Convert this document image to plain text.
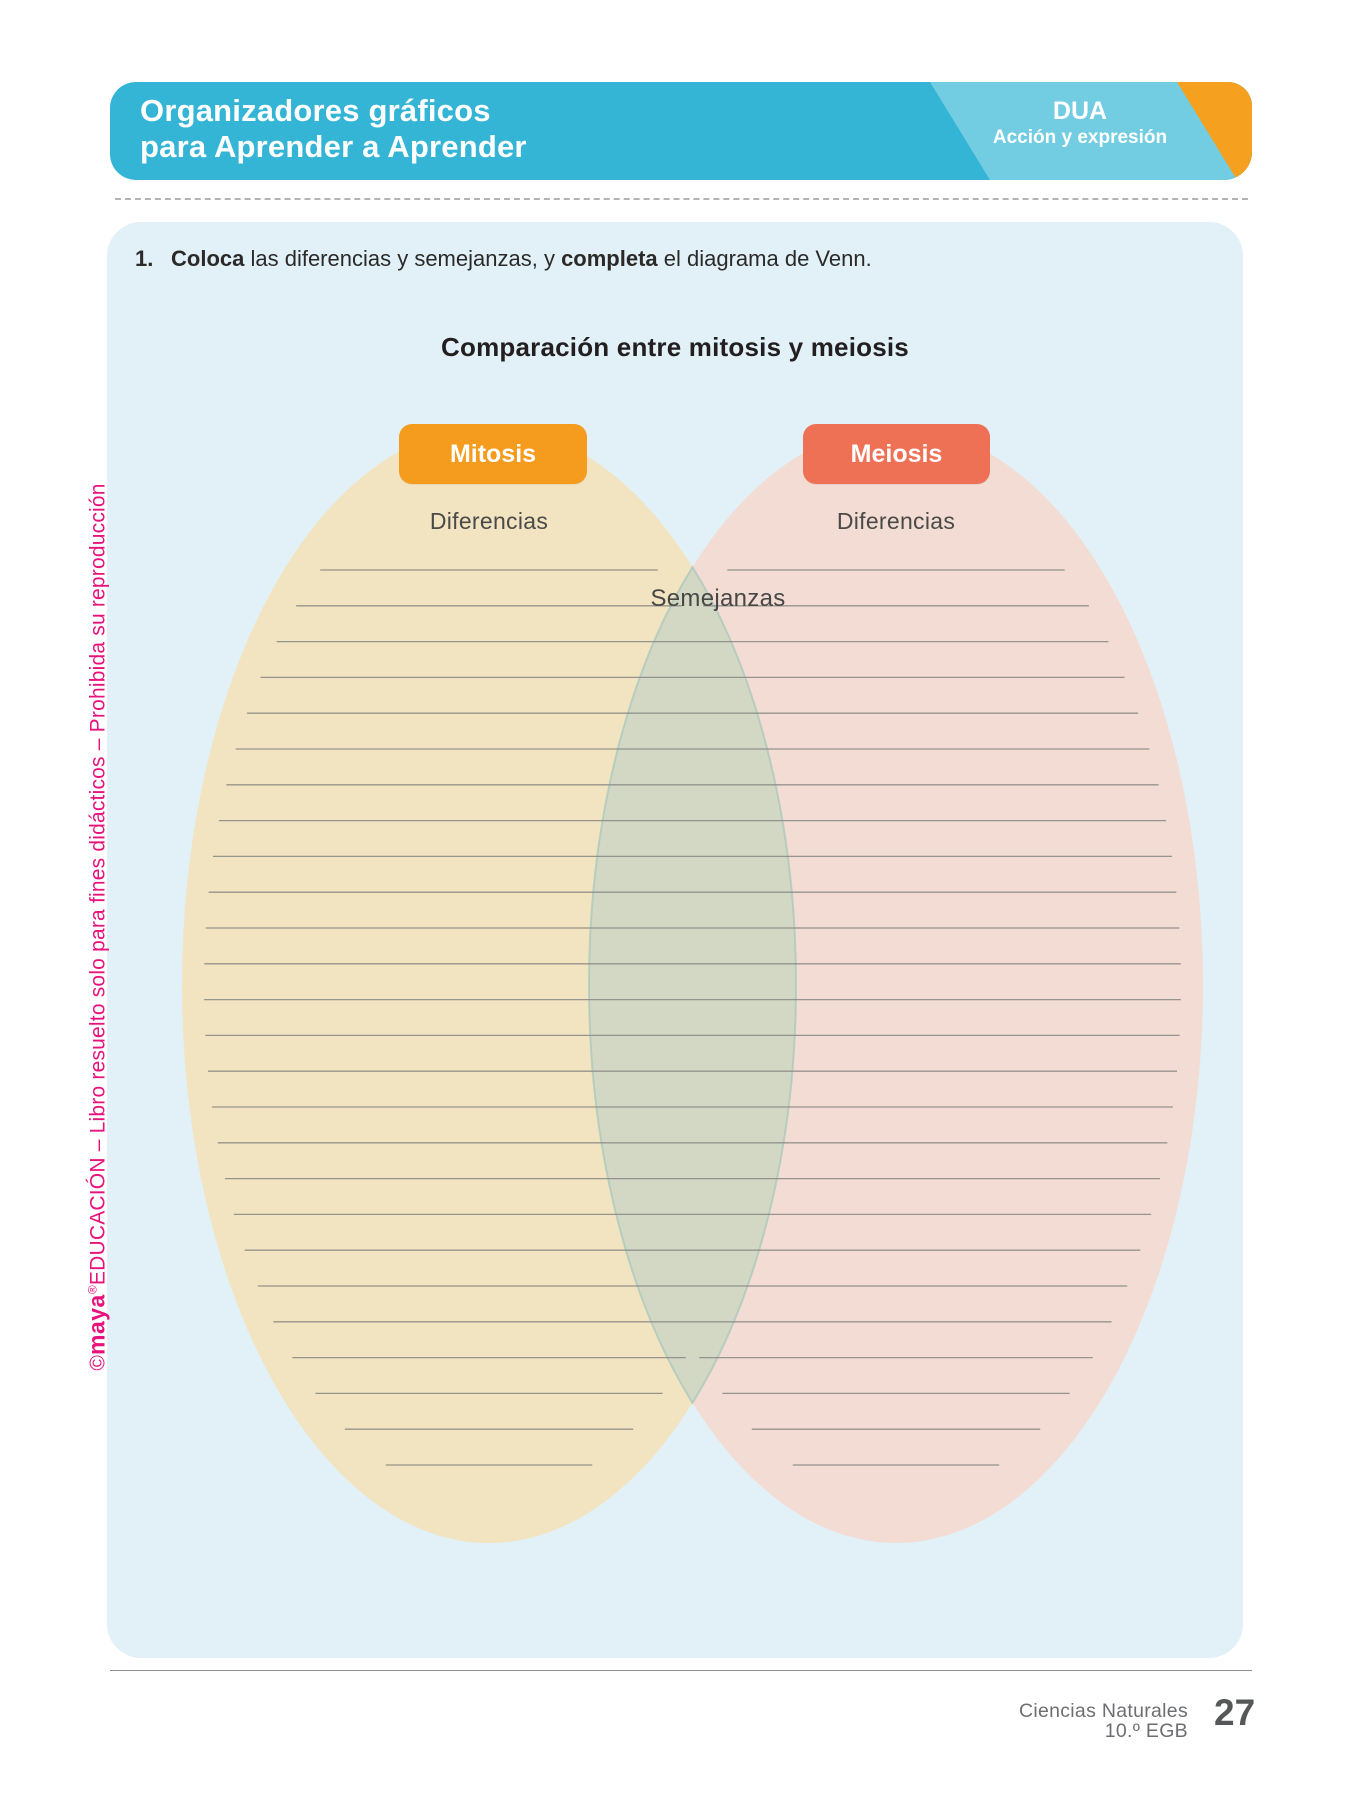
Organizadores gráficos
para Aprender a Aprender
DUA
Acción y expresión
1. Coloca las diferencias y semejanzas, y completa el diagrama de Venn.
Comparación entre mitosis y meiosis
Mitosis	Meiosis
Diferencias	Diferencias
Semejanzas
©maya®EDUCACIÓN – Libro resuelto solo para fines didácticos – Prohibida su reproducción
Ciencias Naturales
10.º EGB 27
